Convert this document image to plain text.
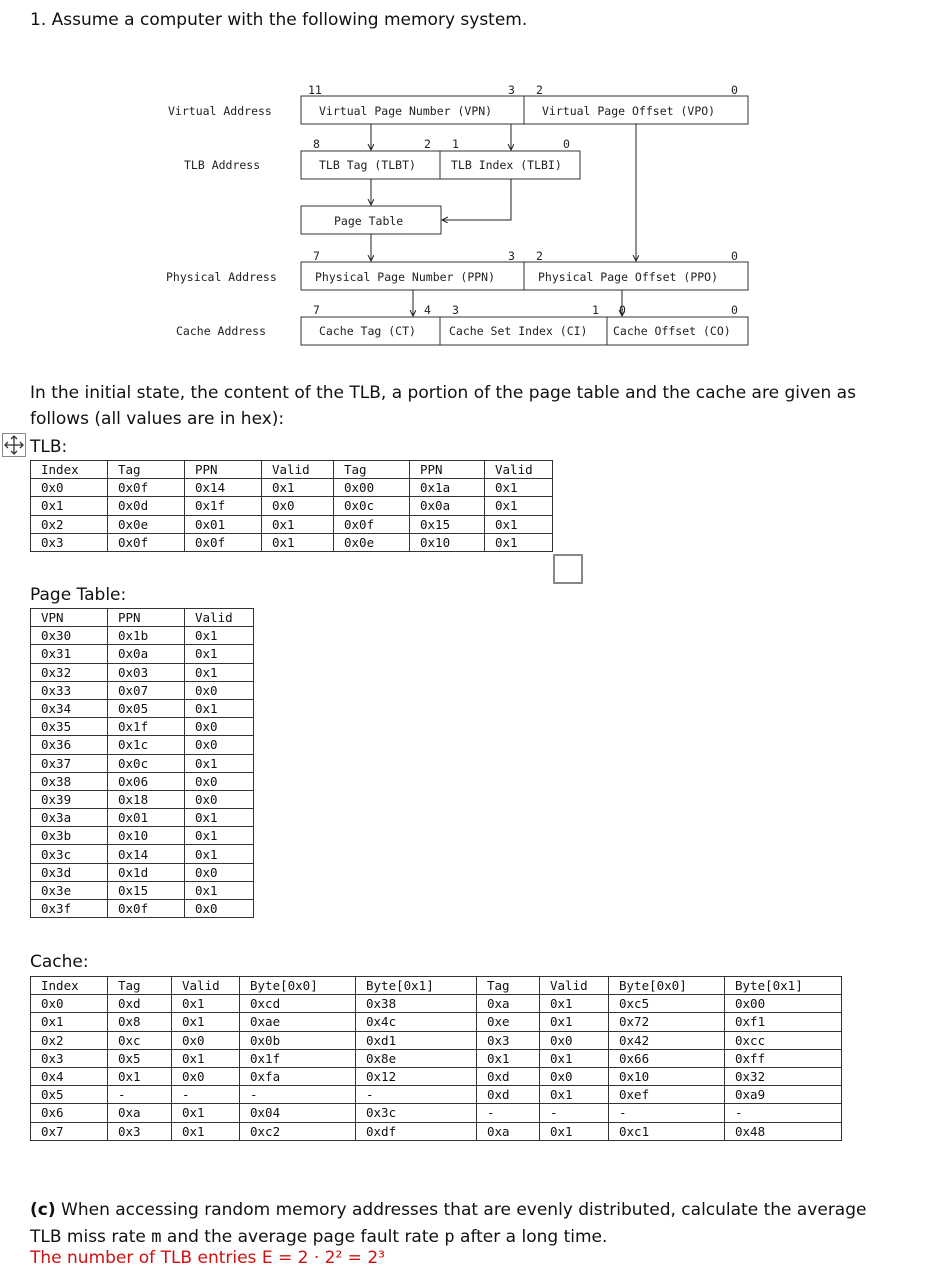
1. Assume a computer with the following memory system.
Virtual Address
11	3 2	0
Virtual Page Number (VPN)	Virtual Page Offset (VPO)
TLB Address
8	2 1	0
TLB Tag (TLBT)	TLB Index (TLBI)
Page Table
Physical Address
7	3 2	0
Physical Page Number (PPN)	Physical Page Offset (PPO)
Cache Address
7	4 3	1 0	0
Cache Tag (CT)	Cache Set Index (CI) Cache Offset (CO)
In the initial state, the content of the TLB, a portion of the page table and the cache are given as follows (all values are in hex):
TLB:
Index	Tag	PPN	Valid	Tag	PPN	Valid
0x0	0x0f	0x14	0x1	0x00	0x1a	0x1
0x1	0x0d	0x1f	0x0	0x0c	0x0a	0x1
0x2	0x0e	0x01	0x1	0x0f	0x15	0x1
0x3	0x0f	0x0f	0x1	0x0e	0x10	0x1
Page Table:
VPN	PPN	Valid
0x30	0x1b	0x1
0x31	0x0a	0x1
0x32	0x03	0x1
0x33	0x07	0x0
0x34	0x05	0x1
0x35	0x1f	0x0
0x36	0x1c	0x0
0x37	0x0c	0x1
0x38	0x06	0x0
0x39	0x18	0x0
0x3a	0x01	0x1
0x3b	0x10	0x1
0x3c	0x14	0x1
0x3d	0x1d	0x0
0x3e	0x15	0x1
0x3f	0x0f	0x0
Cache:
Index	Tag	Valid	Byte[0x0]	Byte[0x1]	Tag	Valid	Byte[0x0]	Byte[0x1]
0x0	0xd	0x1	0xcd	0x38	0xa	0x1	0xc5	0x00
0x1	0x8	0x1	0xae	0x4c	0xe	0x1	0x72	0xf1
0x2	0xc	0x0	0x0b	0xd1	0x3	0x0	0x42	0xcc
0x3	0x5	0x1	0x1f	0x8e	0x1	0x1	0x66	0xff
0x4	0x1	0x0	0xfa	0x12	0xd	0x0	0x10	0x32
0x5	-	-	-	-	0xd	0x1	0xef	0xa9
0x6	0xa	0x1	0x04	0x3c	-	-	-	-
0x7	0x3	0x1	0xc2	0xdf	0xa	0x1	0xc1	0x48
(c) When accessing random memory addresses that are evenly distributed, calculate the average TLB miss rate m and the average page fault rate p after a long time.
The number of TLB entries E = 2 · 2² = 2³
